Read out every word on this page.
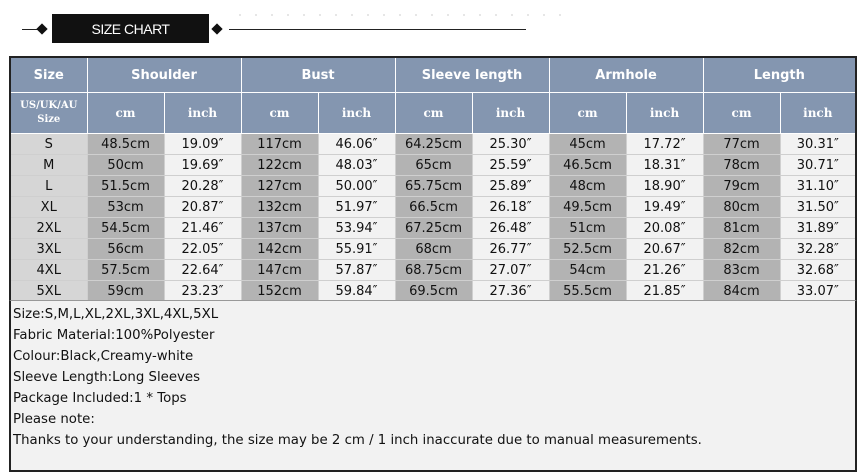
SIZE CHART
Size	Shoulder		Bust		Sleeve length		Armhole		Length	
US/UK/AU Size	cm	inch	cm	inch	cm	inch	cm	inch	cm	inch
S	48.5cm	19.09″	117cm	46.06″	64.25cm	25.30″	45cm	17.72″	77cm	30.31″
M	50cm	19.69″	122cm	48.03″	65cm	25.59″	46.5cm	18.31″	78cm	30.71″
L	51.5cm	20.28″	127cm	50.00″	65.75cm	25.89″	48cm	18.90″	79cm	31.10″
XL	53cm	20.87″	132cm	51.97″	66.5cm	26.18″	49.5cm	19.49″	80cm	31.50″
2XL	54.5cm	21.46″	137cm	53.94″	67.25cm	26.48″	51cm	20.08″	81cm	31.89″
3XL	56cm	22.05″	142cm	55.91″	68cm	26.77″	52.5cm	20.67″	82cm	32.28″
4XL	57.5cm	22.64″	147cm	57.87″	68.75cm	27.07″	54cm	21.26″	83cm	32.68″
5XL	59cm	23.23″	152cm	59.84″	69.5cm	27.36″	55.5cm	21.85″	84cm	33.07″
Size:S,M,L,XL,2XL,3XL,4XL,5XL
Fabric Material:100%Polyester
Colour:Black,Creamy-white
Sleeve Length:Long Sleeves
Package Included:1 * Tops
Please note:
Thanks to your understanding, the size may be 2 cm / 1 inch inaccurate due to manual measurements.
